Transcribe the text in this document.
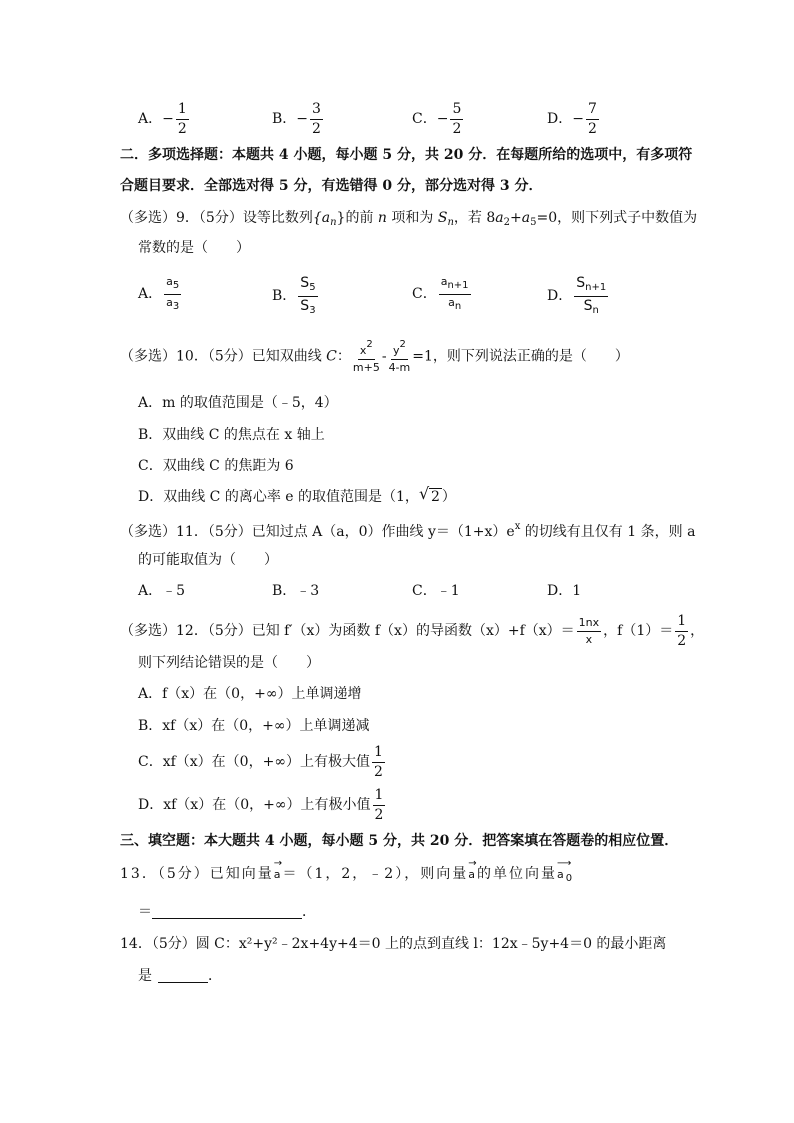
A．− $\frac{1}{2}$	B．− $\frac{3}{2}$	C．− $\frac{5}{2}$	D．− $\frac{7}{2}$
二．多项选择题：本题共 4 小题，每小题 5 分，共 20 分．在每题所给的选项中，有多项符
合题目要求．全部选对得 5 分，有选错得 0 分，部分选对得 3 分．
（多选）9．（5分）设等比数列$\{a_n\}$的前 n 项和为 $S_n$，若 $8a_2+a_5=0$，则下列式子中数值为
常数的是（　　）
A． $\frac{a_5}{a_3}$	B． $\frac{S_5}{S_3}$	C． $\frac{a_{n+1}}{a_n}$	D． $\frac{S_{n+1}}{S_n}$
（多选）10．（5分）已知双曲线 C： $\frac{x^2}{m+5} - \frac{y^2}{4-m} =1$，则下列说法正确的是（　　）
A．m 的取值范围是（﹣5，4）
B．双曲线 C 的焦点在 x 轴上
C．双曲线 C 的焦距为 6
D．双曲线 C 的离心率 e 的取值范围是（1， √ 2 ）
（多选）11．（5分）已知过点 A（a，0）作曲线 $y=(1+x)e^x$ 的切线有且仅有 1 条，则 a
的可能取值为（　　）
A．﹣5	B．﹣3	C．﹣1	D．1
（多选）12．（5分）已知 f′（x）为函数 f（x）的导函数$(x)+f(x)= \frac{1nx}{x}$ ，$f(1)= \frac{1}{2}$ ，
则下列结论错误的是（　　）
A．f（x）在（0，+∞）上单调递增
B．xf（x）在（0，+∞）上单调递减
C．xf（x）在（0，+∞）上有极大值 $\frac{1}{2}$
D．xf（x）在（0，+∞）上有极小值 $\frac{1}{2}$
三、填空题：本大题共 4 小题，每小题 5 分，共 20 分．把答案填在答题卷的相应位置．
13．（5分）已知向量
→
a＝（1，2，﹣2），则向量
→
a的单位向量
⟶
$a_0$
＝	．
14．（5分）圆 C：x²+y²﹣2x+4y+4＝0 上的点到直线 l：12x﹣5y+4＝0 的最小距离
是	．
